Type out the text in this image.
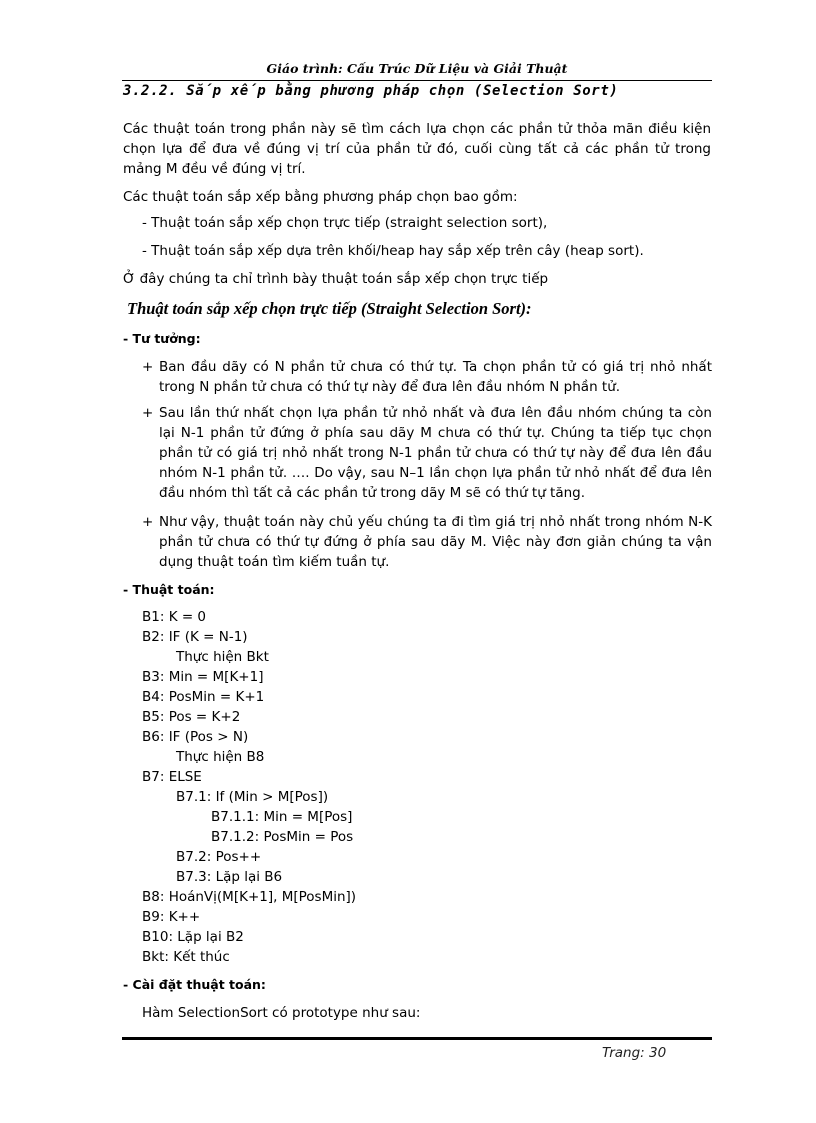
Giáo trình: Cấu Trúc Dữ Liệu và Giải Thuật
3.2.2. Sắp xếp bằng phương pháp chọn (Selection Sort)
Các thuật toán trong phần này sẽ tìm cách lựa chọn các phần tử thỏa mãn điều kiện chọn lựa để đưa về đúng vị trí của phần tử đó, cuối cùng tất cả các phần tử trong mảng M đều về đúng vị trí.
Các thuật toán sắp xếp bằng phương pháp chọn bao gồm:
- Thuật toán sắp xếp chọn trực tiếp (straight selection sort),
- Thuật toán sắp xếp dựa trên khối/heap hay sắp xếp trên cây (heap sort).
Ở đây chúng ta chỉ trình bày thuật toán sắp xếp chọn trực tiếp
Thuật toán sắp xếp chọn trực tiếp (Straight Selection Sort):
- Tư tưởng:
+ Ban đầu dãy có N phần tử chưa có thứ tự. Ta chọn phần tử có giá trị nhỏ nhất trong N phần tử chưa có thứ tự này để đưa lên đầu nhóm N phần tử.
+ Sau lần thứ nhất chọn lựa phần tử nhỏ nhất và đưa lên đầu nhóm chúng ta còn lại N-1 phần tử đứng ở phía sau dãy M chưa có thứ tự. Chúng ta tiếp tục chọn phần tử có giá trị nhỏ nhất trong N-1 phần tử chưa có thứ tự này để đưa lên đầu nhóm N-1 phần tử. …. Do vậy, sau N–1 lần chọn lựa phần tử nhỏ nhất để đưa lên đầu nhóm thì tất cả các phần tử trong dãy M sẽ có thứ tự tăng.
+ Như vậy, thuật toán này chủ yếu chúng ta đi tìm giá trị nhỏ nhất trong nhóm N-K phần tử chưa có thứ tự đứng ở phía sau dãy M. Việc này đơn giản chúng ta vận dụng thuật toán tìm kiếm tuần tự.
- Thuật toán:
B1: K = 0
B2: IF (K = N-1)
Thực hiện Bkt
B3: Min = M[K+1]
B4: PosMin = K+1
B5: Pos = K+2
B6: IF (Pos > N)
Thực hiện B8
B7: ELSE
B7.1: If (Min > M[Pos])
B7.1.1: Min = M[Pos]
B7.1.2: PosMin = Pos
B7.2: Pos++
B7.3: Lặp lại B6
B8: HoánVị(M[K+1], M[PosMin])
B9: K++
B10: Lặp lại B2
Bkt: Kết thúc
- Cài đặt thuật toán:
Hàm SelectionSort có prototype như sau:
Trang: 30
